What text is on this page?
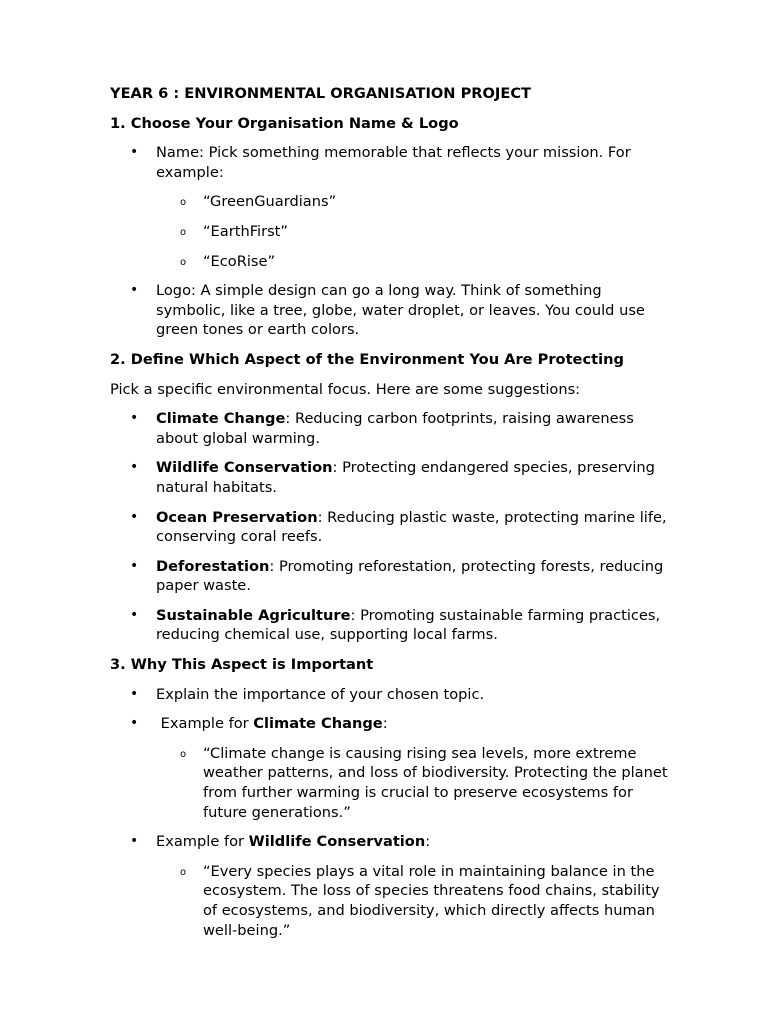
YEAR 6 : ENVIRONMENTAL ORGANISATION PROJECT
1. Choose Your Organisation Name & Logo
• Name: Pick something memorable that reflects your mission. For example:
o “GreenGuardians”
o “EarthFirst”
o “EcoRise”
• Logo: A simple design can go a long way. Think of something symbolic, like a tree, globe, water droplet, or leaves. You could use green tones or earth colors.
2. Define Which Aspect of the Environment You Are Protecting
Pick a specific environmental focus. Here are some suggestions:
• Climate Change: Reducing carbon footprints, raising awareness about global warming.
• Wildlife Conservation: Protecting endangered species, preserving natural habitats.
• Ocean Preservation: Reducing plastic waste, protecting marine life, conserving coral reefs.
• Deforestation: Promoting reforestation, protecting forests, reducing paper waste.
• Sustainable Agriculture: Promoting sustainable farming practices, reducing chemical use, supporting local farms.
3. Why This Aspect is Important
• Explain the importance of your chosen topic.
• Example for Climate Change:
o “Climate change is causing rising sea levels, more extreme weather patterns, and loss of biodiversity. Protecting the planet from further warming is crucial to preserve ecosystems for future generations.”
• Example for Wildlife Conservation:
o “Every species plays a vital role in maintaining balance in the ecosystem. The loss of species threatens food chains, stability of ecosystems, and biodiversity, which directly affects human well-being.”
